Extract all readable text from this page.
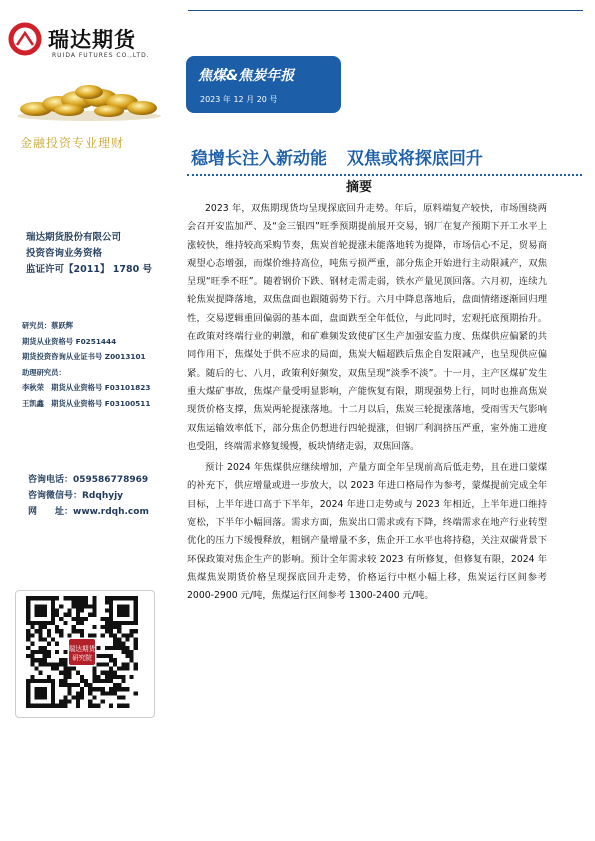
瑞达期货
RUIDA FUTURES CO.,LTD.
焦煤&焦炭年报
2023 年 12 月 20 号
金融投资专业理财
稳增长注入新动能 双焦或将探底回升
摘要
瑞达期货股份有限公司
投资咨询业务资格
监证许可【2011】 1780 号
研究员：蔡跃辉
期货从业资格号 F0251444
期货投资咨询从业证书号 Z0013101
助理研究员：
李秋荣　期货从业资格号 F03101823
王凯鑫　期货从业资格号 F03100511
咨询电话：059586778969
咨询微信号：Rdqhyjy
网　　址：www.rdqh.com
瑞达期货
研究院

2023 年，双焦期现货均呈现探底回升走势。年后，原料端复产较快，市场围绕两会召开安监加严、及“金三银四”旺季预期提前展开交易，钢厂在复产预期下开工水平上涨较快，维持较高采购节奏，焦炭首轮提涨未能落地转为提降，市场信心不足，贸易商观望心态增强，而煤价维持高位，吨焦亏损严重，部分焦企开始进行主动限减产，双焦呈现“旺季不旺”。随着钢价下跌、钢材走需走弱，铁水产量见顶回落。六月初，连续九轮焦炭提降落地，双焦盘面也跟随弱势下行。六月中降息落地后，盘面情绪逐渐回归理性，交易逻辑重回偏弱的基本面，盘面跌至全年低位，与此同时，宏观托底预期抬升。在政策对终端行业的刺激，和矿难频发致使矿区生产加强安监力度、焦煤供应偏紧的共同作用下，焦煤处于供不应求的局面，焦炭大幅超跌后焦企自发限减产，也呈现供应偏紧。随后的七、八月，政策利好频发，双焦呈现“淡季不淡”。十一月，主产区煤矿发生重大煤矿事故，焦煤产量受明显影响，产能恢复有限，期现强势上行，同时也推高焦炭现货价格支撑，焦炭两轮提涨落地。十二月以后，焦炭三轮提涨落地，受雨雪天气影响双焦运输效率低下，部分焦企仍想进行四轮提涨，但钢厂利润挤压严重，室外施工进度也受阻，终端需求修复缓慢，板块情绪走弱，双焦回落。

预计 2024 年焦煤供应继续增加，产量方面全年呈现前高后低走势，且在进口蒙煤的补充下，供应增量或进一步放大，以 2023 年进口格局作为参考，蒙煤提前完成全年目标，上半年进口高于下半年，2024 年进口走势或与 2023 年相近，上半年进口维持宽松，下半年小幅回落。需求方面，焦炭出口需求或有下降，终端需求在地产行业转型优化的压力下缓慢释放，粗钢产量增量不多，焦企开工水平也将持稳，关注双碳背景下环保政策对焦企生产的影响。预计全年需求较 2023 有所修复，但修复有限，2024 年焦煤焦炭期货价格呈现探底回升走势，价格运行中枢小幅上移，焦炭运行区间参考 2000-2900 元/吨，焦煤运行区间参考 1300-2400 元/吨。
